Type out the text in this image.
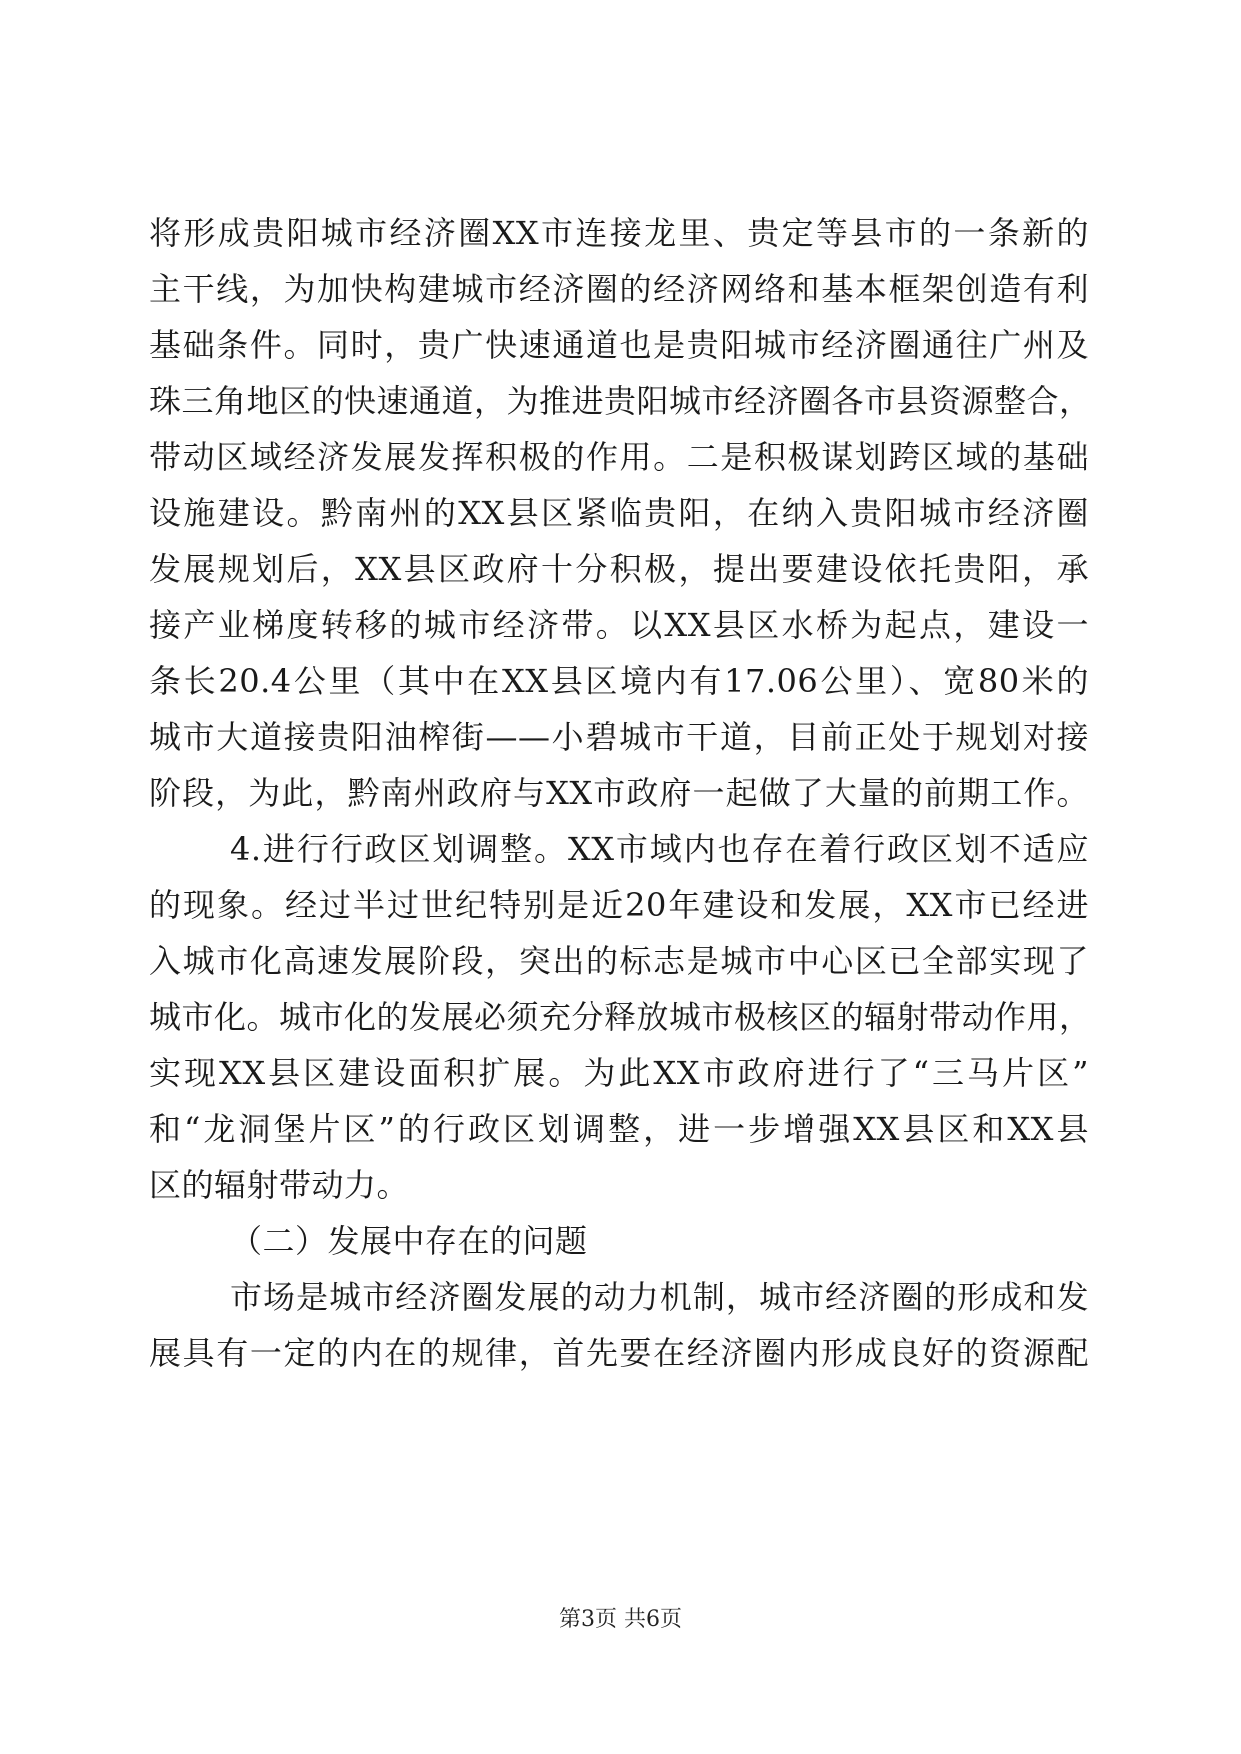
将形成贵阳城市经济圈XX市连接龙里、贵定等县市的一条新的
主干线，为加快构建城市经济圈的经济网络和基本框架创造有利
基础条件。同时，贵广快速通道也是贵阳城市经济圈通往广州及
珠三角地区的快速通道，为推进贵阳城市经济圈各市县资源整合，
带动区域经济发展发挥积极的作用。二是积极谋划跨区域的基础
设施建设。黔南州的XX县区紧临贵阳，在纳入贵阳城市经济圈
发展规划后，XX县区政府十分积极，提出要建设依托贵阳，承
接产业梯度转移的城市经济带。以XX县区水桥为起点，建设一
条长20.4公里（其中在XX县区境内有17.06公里）、宽80米的
城市大道接贵阳油榨街——小碧城市干道，目前正处于规划对接
阶段，为此，黔南州政府与XX市政府一起做了大量的前期工作。
4.进行行政区划调整。XX市域内也存在着行政区划不适应
的现象。经过半过世纪特别是近20年建设和发展，XX市已经进
入城市化高速发展阶段，突出的标志是城市中心区已全部实现了
城市化。城市化的发展必须充分释放城市极核区的辐射带动作用，
实现XX县区建设面积扩展。为此XX市政府进行了“三马片区”
和“龙洞堡片区”的行政区划调整，进一步增强XX县区和XX县
区的辐射带动力。
（二）发展中存在的问题
市场是城市经济圈发展的动力机制，城市经济圈的形成和发
展具有一定的内在的规律，首先要在经济圈内形成良好的资源配
第3页 共6页
